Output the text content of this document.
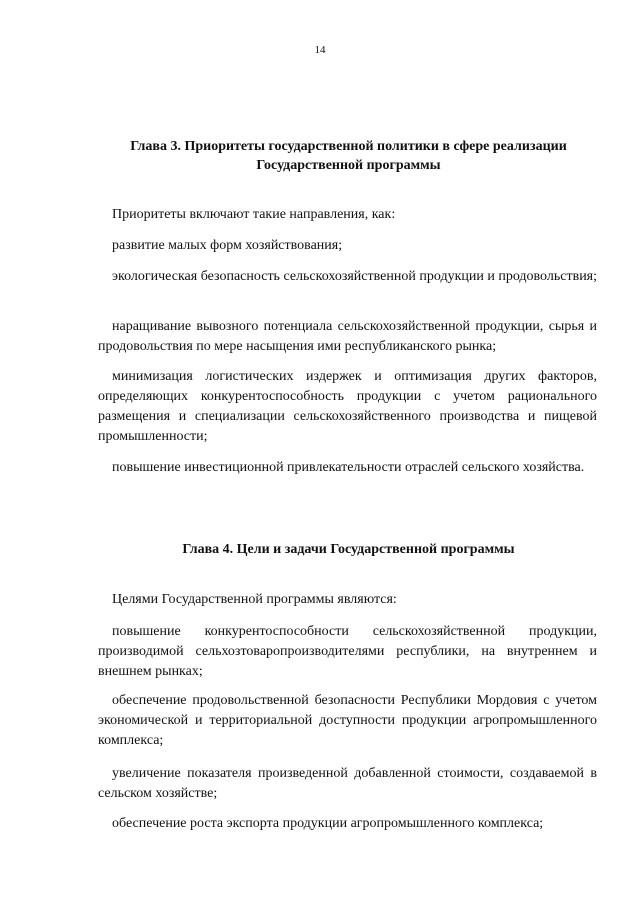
14
Глава 3. Приоритеты государственной политики в сфере реализации Государственной программы
Приоритеты включают такие направления, как:
развитие малых форм хозяйствования;
экологическая безопасность сельскохозяйственной продукции и продовольствия;
наращивание вывозного потенциала сельскохозяйственной продукции, сырья и продовольствия по мере насыщения ими республиканского рынка;
минимизация логистических издержек и оптимизация других факторов, определяющих конкурентоспособность продукции с учетом рационального размещения и специализации сельскохозяйственного производства и пищевой промышленности;
повышение инвестиционной привлекательности отраслей сельского хозяйства.
Глава 4. Цели и задачи Государственной программы
Целями Государственной программы являются:
повышение конкурентоспособности сельскохозяйственной продукции, производимой сельхозтоваропроизводителями республики, на внутреннем и внешнем рынках;
обеспечение продовольственной безопасности Республики Мордовия с учетом экономической и территориальной доступности продукции агропромышленного комплекса;
увеличение показателя произведенной добавленной стоимости, создаваемой в сельском хозяйстве;
обеспечение роста экспорта продукции агропромышленного комплекса;
